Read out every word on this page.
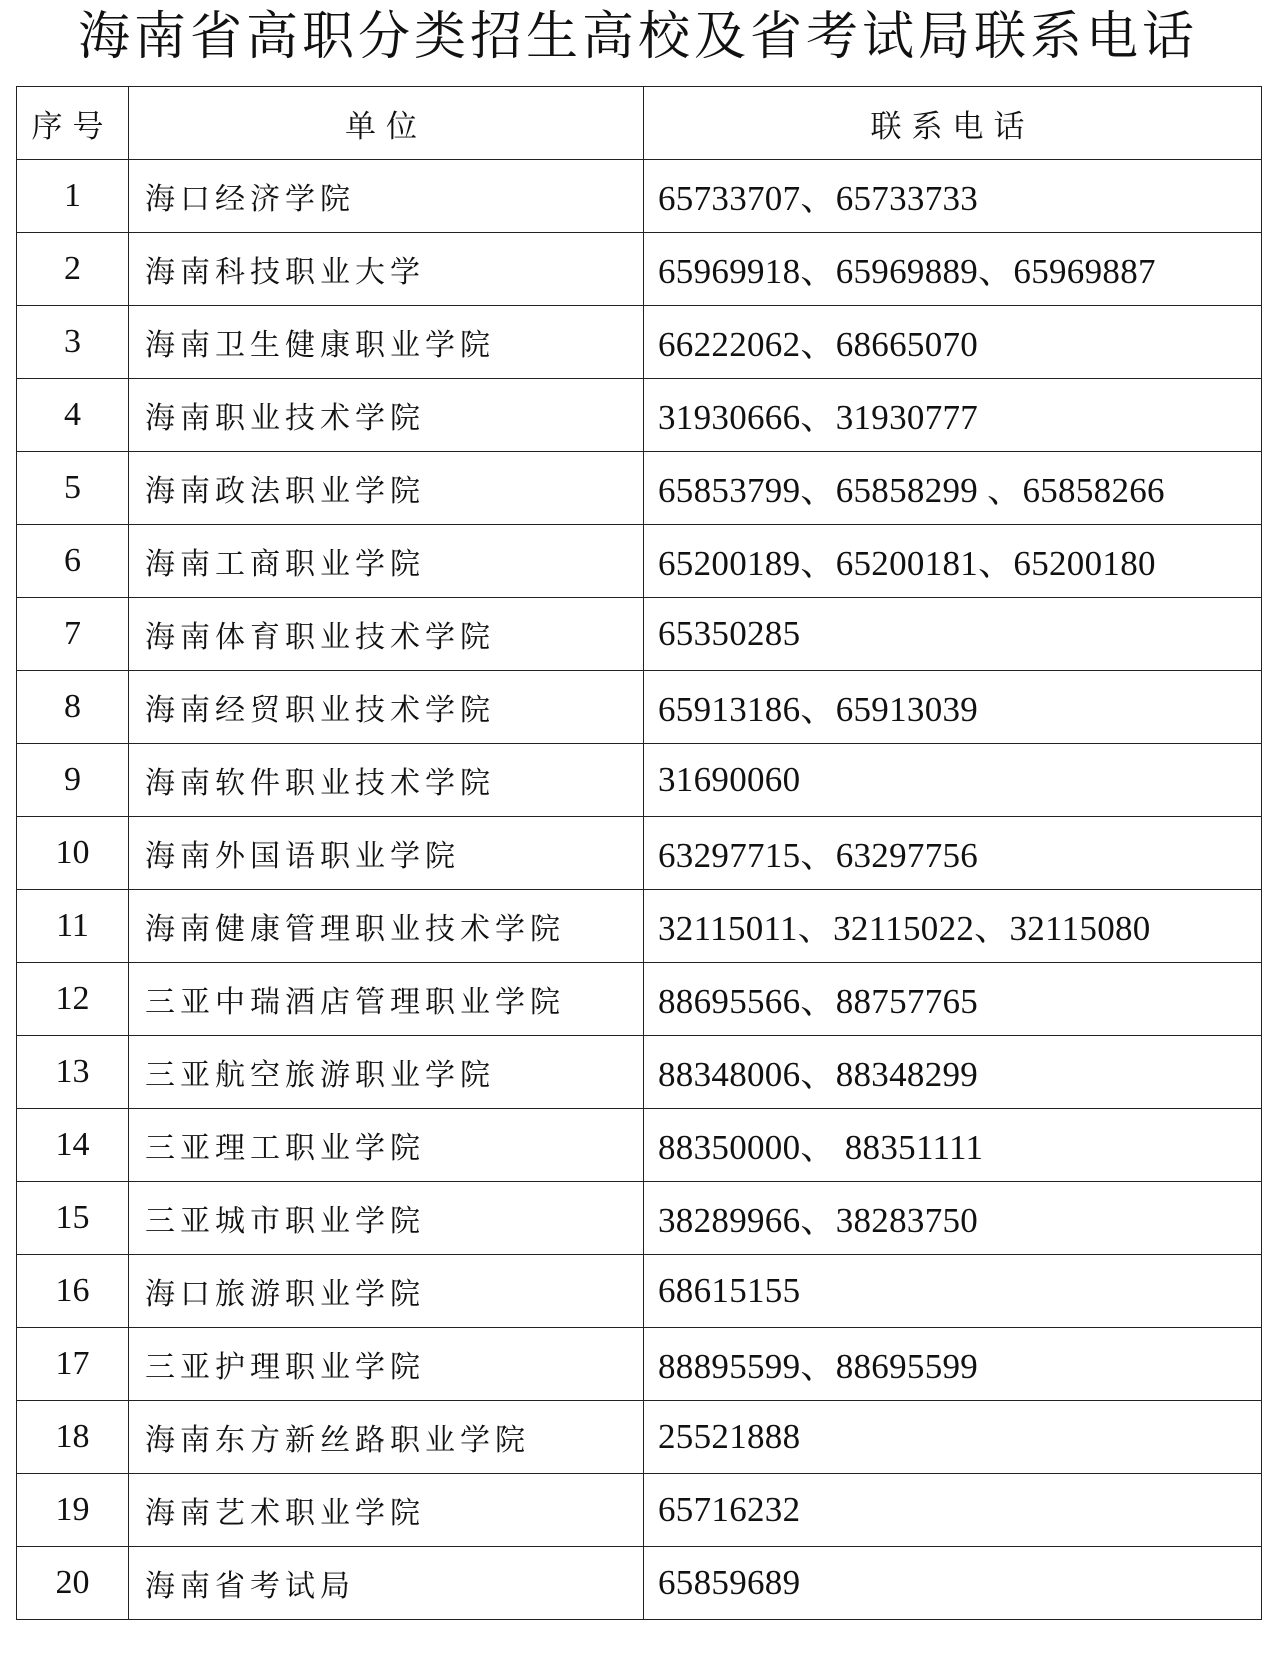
海南省高职分类招生高校及省考试局联系电话
序号	单位	联系电话
1	海口经济学院	65733707、65733733
2	海南科技职业大学	65969918、65969889、65969887
3	海南卫生健康职业学院	66222062、68665070
4	海南职业技术学院	31930666、31930777
5	海南政法职业学院	65853799、65858299 、65858266
6	海南工商职业学院	65200189、65200181、65200180
7	海南体育职业技术学院	65350285
8	海南经贸职业技术学院	65913186、65913039
9	海南软件职业技术学院	31690060
10	海南外国语职业学院	63297715、63297756
11	海南健康管理职业技术学院	32115011、32115022、32115080
12	三亚中瑞酒店管理职业学院	88695566、88757765
13	三亚航空旅游职业学院	88348006、88348299
14	三亚理工职业学院	88350000、 88351111
15	三亚城市职业学院	38289966、38283750
16	海口旅游职业学院	68615155
17	三亚护理职业学院	88895599、88695599
18	海南东方新丝路职业学院	25521888
19	海南艺术职业学院	65716232
20	海南省考试局	65859689
